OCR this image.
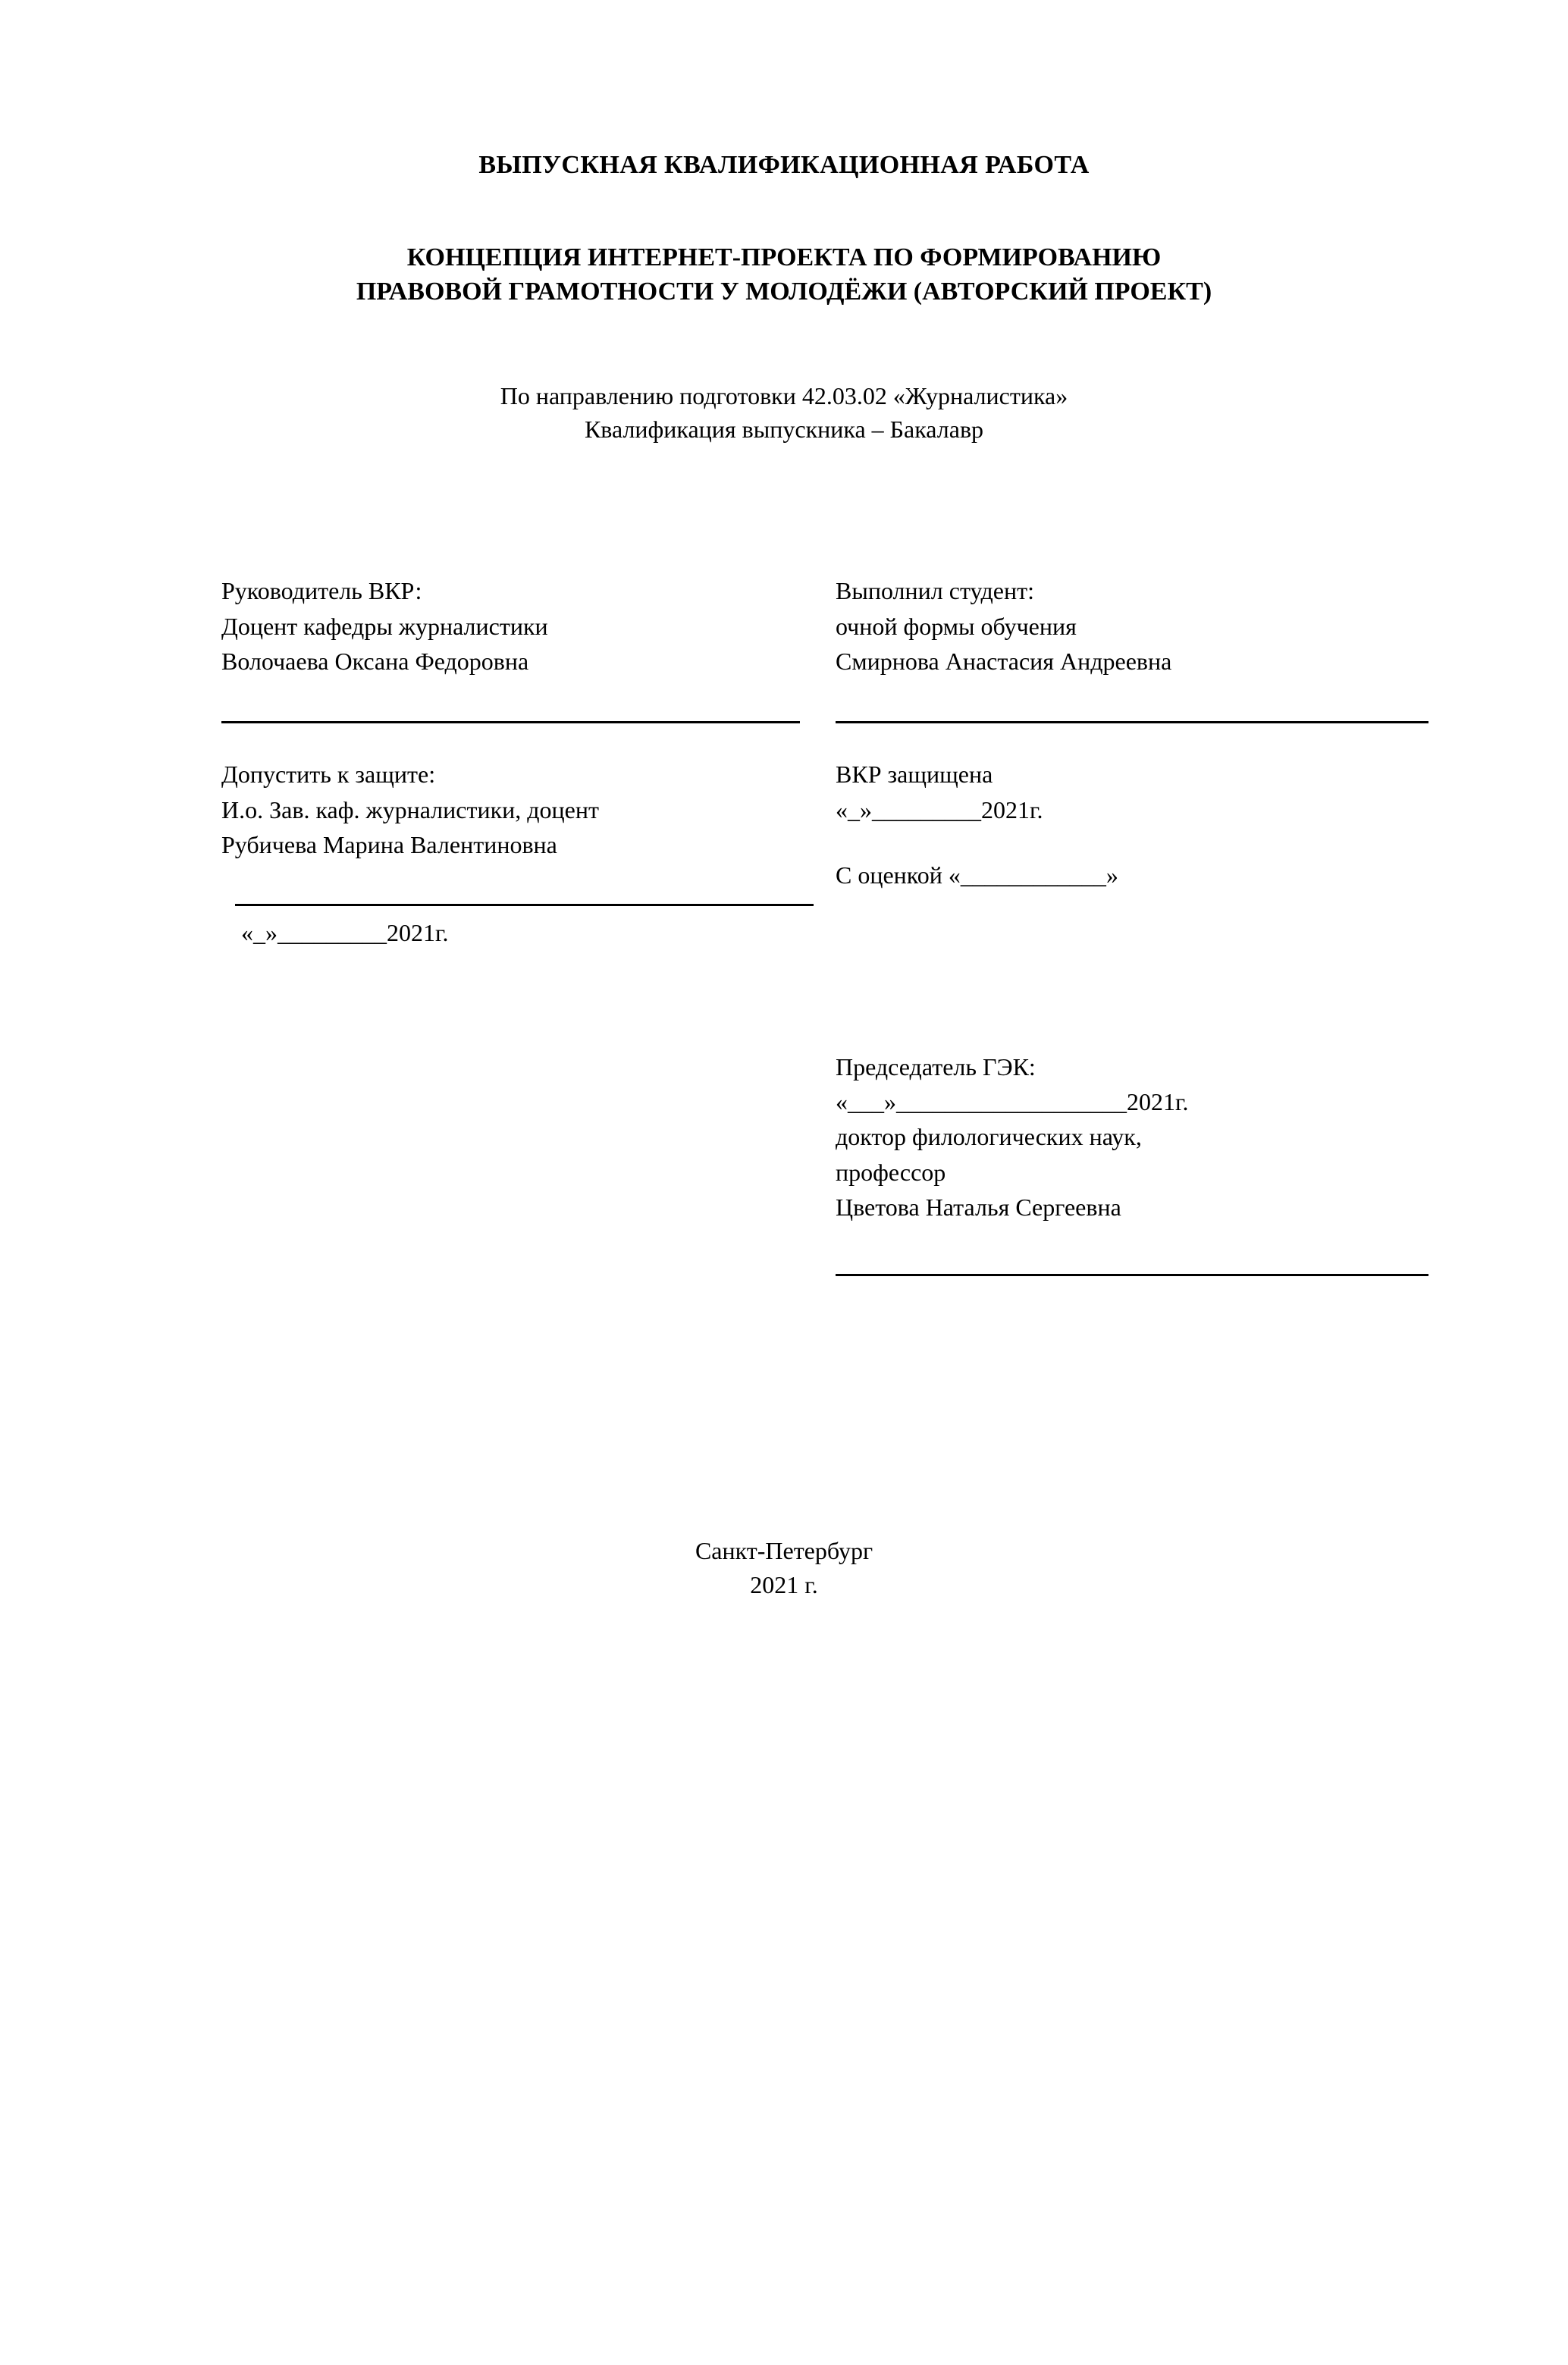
ВЫПУСКНАЯ КВАЛИФИКАЦИОННАЯ РАБОТА
КОНЦЕПЦИЯ ИНТЕРНЕТ-ПРОЕКТА ПО ФОРМИРОВАНИЮ
ПРАВОВОЙ ГРАМОТНОСТИ У МОЛОДЁЖИ (АВТОРСКИЙ ПРОЕКТ)
По направлению подготовки 42.03.02 «Журналистика»
Квалификация выпускника – Бакалавр
Руководитель ВКР:
Доцент кафедры журналистики
Волочаева Оксана Федоровна
Допустить к защите:
И.о. Зав. каф. журналистики, доцент
Рубичева Марина Валентиновна
«_»_________2021г.
Выполнил студент:
очной формы обучения
Смирнова Анастасия Андреевна
ВКР защищена
«_»_________2021г.
С оценкой «____________»
Председатель ГЭК:
«___»___________________2021г.
доктор филологических наук,
профессор
Цветова Наталья Сергеевна
Санкт-Петербург
2021 г.
